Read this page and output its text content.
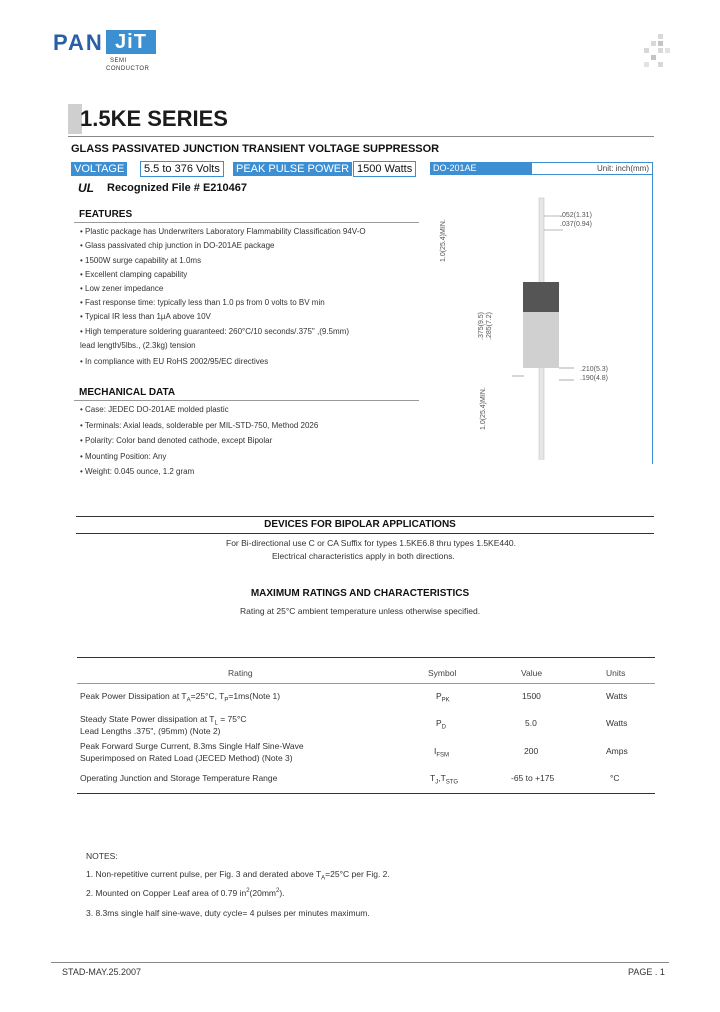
PAN JiT
SEMI
CONDUCTOR
1.5KE SERIES
GLASS PASSIVATED JUNCTION TRANSIENT VOLTAGE SUPPRESSOR
VOLTAGE	5.5 to 376 Volts	PEAK PULSE POWER 1500 Watts	DO-201AE	Unit: inch(mm)
.052(1.31)
.037(0.94)
.210(5.3)
.190(4.8)
1.0(25.4)MIN.
.375(9.5) .285(7.2)
1.0(25.4)MIN.
UL Recognized File # E210467
FEATURES
• Plastic package has Underwriters Laboratory Flammability Classification 94V-O
• Glass passivated chip junction in DO-201AE package
• 1500W surge capability at 1.0ms
• Excellent clamping capability
• Low zener impedance
• Fast response time: typically less than 1.0 ps from 0 volts to BV min
• Typical IR less than 1μA above 10V
• High temperature soldering guaranteed: 260°C/10 seconds/.375" ,(9.5mm)
lead length/5lbs., (2.3kg) tension
• In compliance with EU RoHS 2002/95/EC directives
MECHANICAL DATA
• Case: JEDEC DO-201AE molded plastic
• Terminals: Axial leads, solderable per MIL-STD-750, Method 2026
• Polarity: Color band denoted cathode, except Bipolar
• Mounting Position: Any
• Weight: 0.045 ounce, 1.2 gram
DEVICES FOR BIPOLAR APPLICATIONS
For Bi-directional use C or CA Suffix for types 1.5KE6.8 thru types 1.5KE440.
Electrical characteristics apply in both directions.
MAXIMUM RATINGS AND CHARACTERISTICS
Rating at 25°C ambient temperature unless otherwise specified.
Rating	Symbol	Value	Units
Peak Power Dissipation at $T_A=25^\circ C$, $T_P=1ms(Note$ 1)	$P_{PK}$	1500	Watts
Steady State Power dissipation at $T_L = 75^\circ C$
Lead Lengths .375", (95mm) (Note 2)
$P_D$	5.0	Watts
Peak Forward Surge Current, 8.3ms Single Half Sine-Wave
Superimposed on Rated Load (JECED Method) (Note 3)
$I_{FSM}$	200	Amps
Operating Junction and Storage Temperature Range	$T_J,T_{STG}$	-65 to +175	°C
NOTES:
1. Non-repetitive current pulse, per Fig. 3 and derated above $T_A=25^\circ C$ per Fig. 2.
2. Mounted on Copper Leaf area of 0.79 $in^2(20mm^2)$.
3. 8.3ms single half sine-wave, duty cycle= 4 pulses per minutes maximum.
STAD-MAY.25.2007	PAGE . 1
